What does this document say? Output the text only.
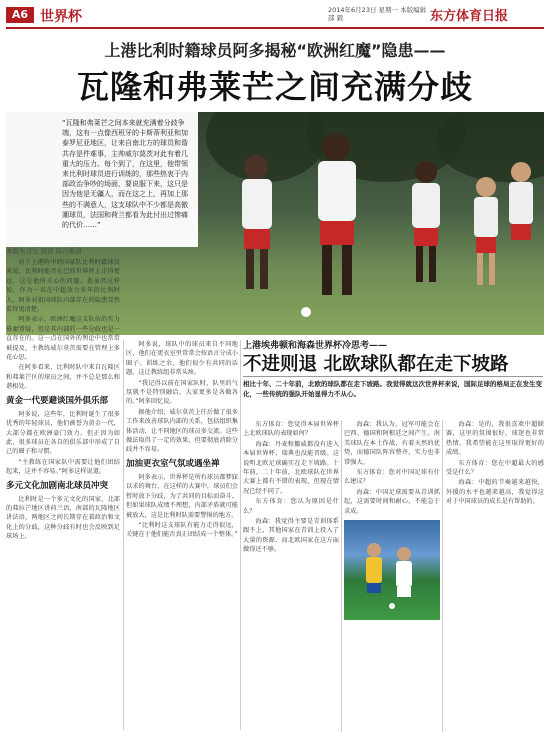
A6 世界杯	2014年6月23日 星期一 本版编辑 邵 毅	东方体育日报
上港比利时籍球员阿多揭秘“欧洲红魔”隐患——
瓦隆和弗莱芒之间充满分歧
“瓦隆和弗莱芒之间本来就充满着分歧争端，这有一点像西班牙的卡斯蒂利亚和加泰罗尼亚地区，让来自南北方的球员和谐共存是件难事，主帅威尔莫茨对此有着几重大的压力。每个到了，在这里，他带领来比利时球员进行训练的，那些热衷于内部政治争吵的场面，要说服下来，这只是因为他是无疆人，而在这之上，再加上那些的不满意人，这支球队中不少都是高傲潮球员，法国和荷兰都看为此付出过惨痛的代价……”
本报实习生 周宾 综合报道

对于上港阵中的国家队比利时籍球员来说，比利时能否在巴西世界杯上走得更远，这是他所关心的问题。他虽然这样说，作为一名在中超效力多年的比利时人，阿多对祖国球队内部存在的隐患显然看得更清楚。

阿多表示，欧洲红魔这支队伍的实力毋庸置疑，但是其内部的一些分歧也是一直存在的。这一点在国外的舆论中也常常被提及，主教练威尔莫茨需要在管理上多花心思。

在阿多看来，比利时队中来自瓦隆区和弗莱芒区的球员之间，并不总是那么和谐相处。

黄金一代要避谈国外俱乐部

阿多说，这些年，比利时诞生了很多优秀的年轻球员，他们被誉为黄金一代，大部分都在欧洲豪门效力。但正因为如此，很多球员在各自的俱乐部中形成了自己的圈子和习惯。

“主教练在国家队中需要让他们团结起来，这并不容易。”阿多这样说道。

多元文化加剧南北球员冲突

比利时是一个多元文化的国家，北部的弗拉芒地区讲荷兰语，南部的瓦隆地区讲法语，两地区之间长期存在着政治和文化上的分歧，这种分歧有时也会反映到足球场上。

阿多说，球队中的球员来自不同地区，他们在更衣室里常常会按语言分成小圈子。训练之余，他们很少有共同的话题，这让教练组非常头疼。

“我记得以前在国家队时，队里的气氛就不是特别融洽，大家更多是各做各的。”阿多回忆说。

据他介绍，威尔莫茨上任后做了很多工作来改善球队内部的关系，包括组织集体活动，让不同地区的球员多交流。这些做法取得了一定的效果，但要彻底消除分歧并不容易。

加油更衣室气氛或遇坐禅

阿多表示，世界杯是所有球员都梦寐以求的舞台，在这样的大赛中，球员们会暂时放下分歧，为了共同的目标而奋斗。但如果球队成绩不理想，内部矛盾就可能被放大，这是比利时队需要警惕的地方。

“比利时这支球队有能力走得很远，关键在于他们能否真正团结成一个整体。”

上港埃弗顿和海森世界杯冷思考——
不进则退 北欧球队都在走下坡路
相比十年、二十年前，北欧的球队都在走下坡路。我觉得就这次世界杯来说，国际足球的格局正在发生变化，一些传统的强队开始显得力不从心。

东方体育：您觉得本届世界杯上北欧球队的表现如何？

海森：丹麦和挪威都没有进入本届世界杯，瑞典也没能晋级。这说明北欧足球确实在走下坡路。十年前，二十年前，北欧球队在世界大赛上都有不错的表现，但现在情况已经不同了。

东方体育：您认为原因是什么？

海森：我觉得主要是青训体系跟不上，其他国家在青训上投入了大量的资源，而北欧国家在这方面做得还不够。

海森：我认为，冠军可能会在巴西、德国和阿根廷之间产生。南美球队在本土作战，有着天然的优势，而德国队阵容整齐，实力也非常强大。

东方体育：您对中国足球有什么建议？

海森：中国足球需要从青训抓起，这需要时间和耐心，不能急于求成。

海森：是的，我很喜欢中超联赛，这里的氛围很好，球迷也非常热情。我希望能在这里取得更好的成绩。

东方体育：您在中超最大的感受是什么？

海森：中超的节奏越来越快，外援的水平也越来越高，我觉得这对于中国球员的成长是有帮助的。
